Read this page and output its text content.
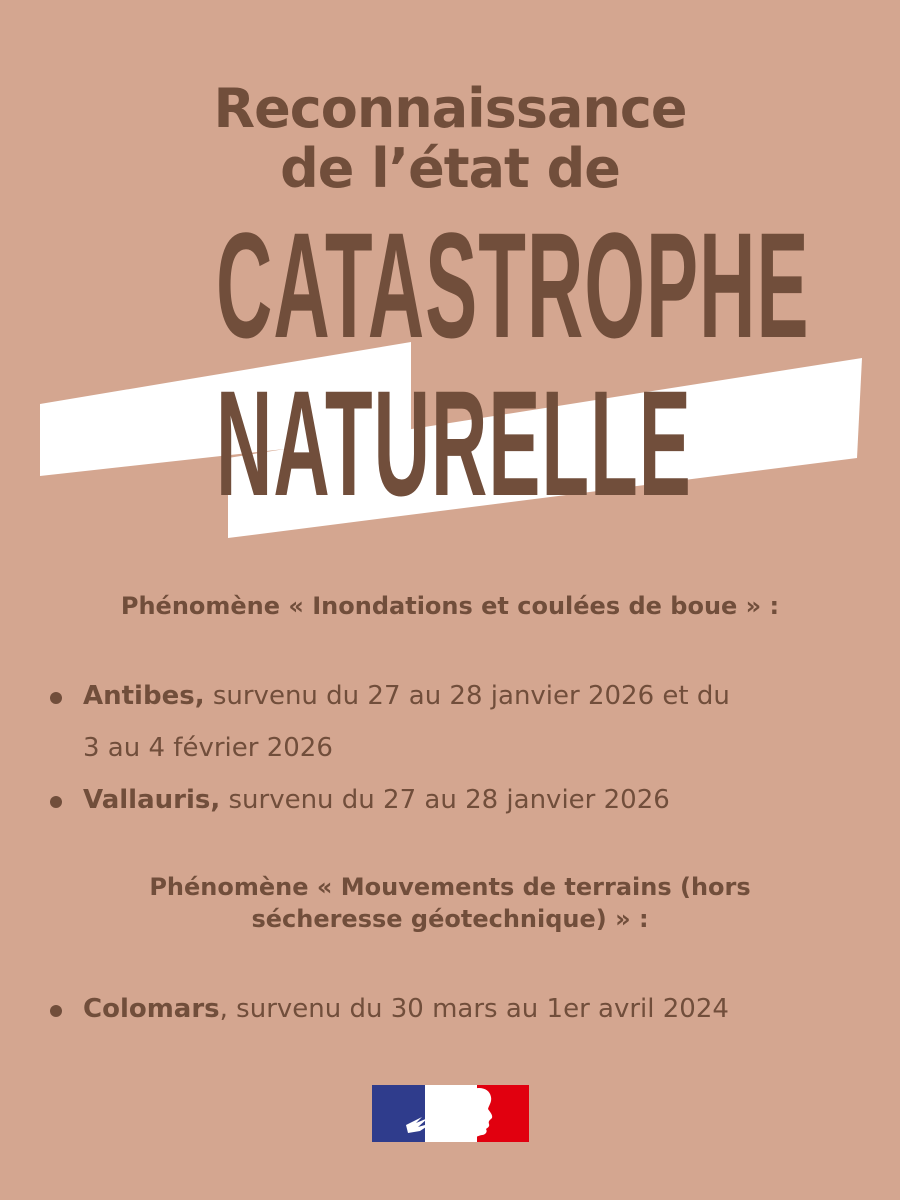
Reconnaissance
de l’état de
CATASTROPHE
NATURELLE
Phénomène « Inondations et coulées de boue » :
Antibes, survenu du 27 au 28 janvier 2026 et du
3 au 4 février 2026
Vallauris, survenu du 27 au 28 janvier 2026
Phénomène « Mouvements de terrains (hors
sécheresse géotechnique) » :
Colomars, survenu du 30 mars au 1er avril 2024
